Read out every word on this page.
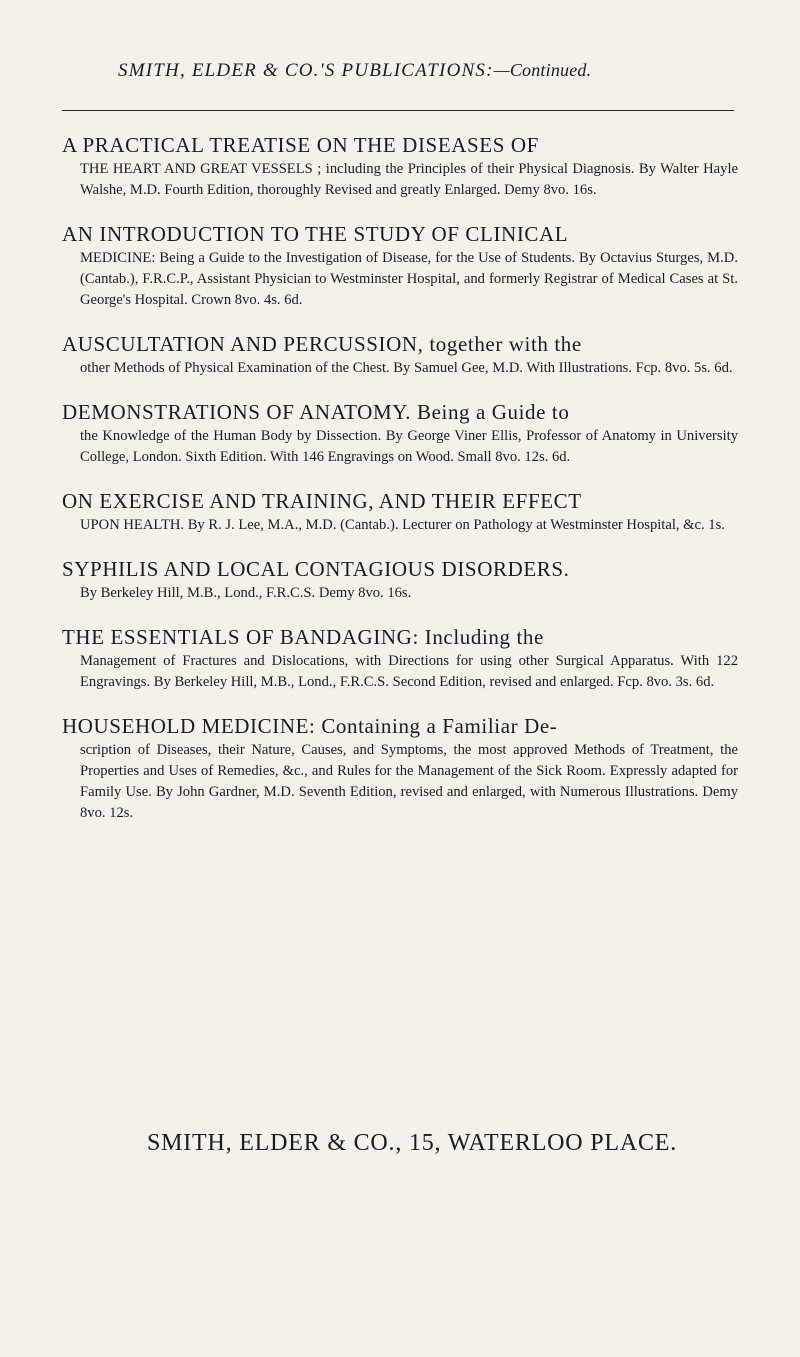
SMITH, ELDER & CO.'S PUBLICATIONS:—Continued.

A PRACTICAL TREATISE ON THE DISEASES OF

THE HEART AND GREAT VESSELS ; including the Principles of their Physical Diagnosis. By Walter Hayle Walshe, M.D. Fourth Edition, thoroughly Revised and greatly Enlarged. Demy 8vo. 16s.

AN INTRODUCTION TO THE STUDY OF CLINICAL

MEDICINE: Being a Guide to the Investigation of Disease, for the Use of Students. By Octavius Sturges, M.D. (Cantab.), F.R.C.P., Assistant Physician to Westminster Hospital, and formerly Registrar of Medical Cases at St. George's Hospital. Crown 8vo. 4s. 6d.

AUSCULTATION AND PERCUSSION, together with the

other Methods of Physical Examination of the Chest. By Samuel Gee, M.D. With Illustrations. Fcp. 8vo. 5s. 6d.

DEMONSTRATIONS OF ANATOMY. Being a Guide to

the Knowledge of the Human Body by Dissection. By George Viner Ellis, Professor of Anatomy in University College, London. Sixth Edition. With 146 Engravings on Wood. Small 8vo. 12s. 6d.

ON EXERCISE AND TRAINING, AND THEIR EFFECT

UPON HEALTH. By R. J. Lee, M.A., M.D. (Cantab.). Lecturer on Pathology at Westminster Hospital, &c. 1s.

SYPHILIS AND LOCAL CONTAGIOUS DISORDERS.

By Berkeley Hill, M.B., Lond., F.R.C.S. Demy 8vo. 16s.

THE ESSENTIALS OF BANDAGING: Including the

Management of Fractures and Dislocations, with Directions for using other Surgical Apparatus. With 122 Engravings. By Berkeley Hill, M.B., Lond., F.R.C.S. Second Edition, revised and enlarged. Fcp. 8vo. 3s. 6d.

HOUSEHOLD MEDICINE: Containing a Familiar De-

scription of Diseases, their Nature, Causes, and Symptoms, the most approved Methods of Treatment, the Properties and Uses of Remedies, &c., and Rules for the Management of the Sick Room. Expressly adapted for Family Use. By John Gardner, M.D. Seventh Edition, revised and enlarged, with Numerous Illustrations. Demy 8vo. 12s.

SMITH, ELDER & CO., 15, WATERLOO PLACE.
